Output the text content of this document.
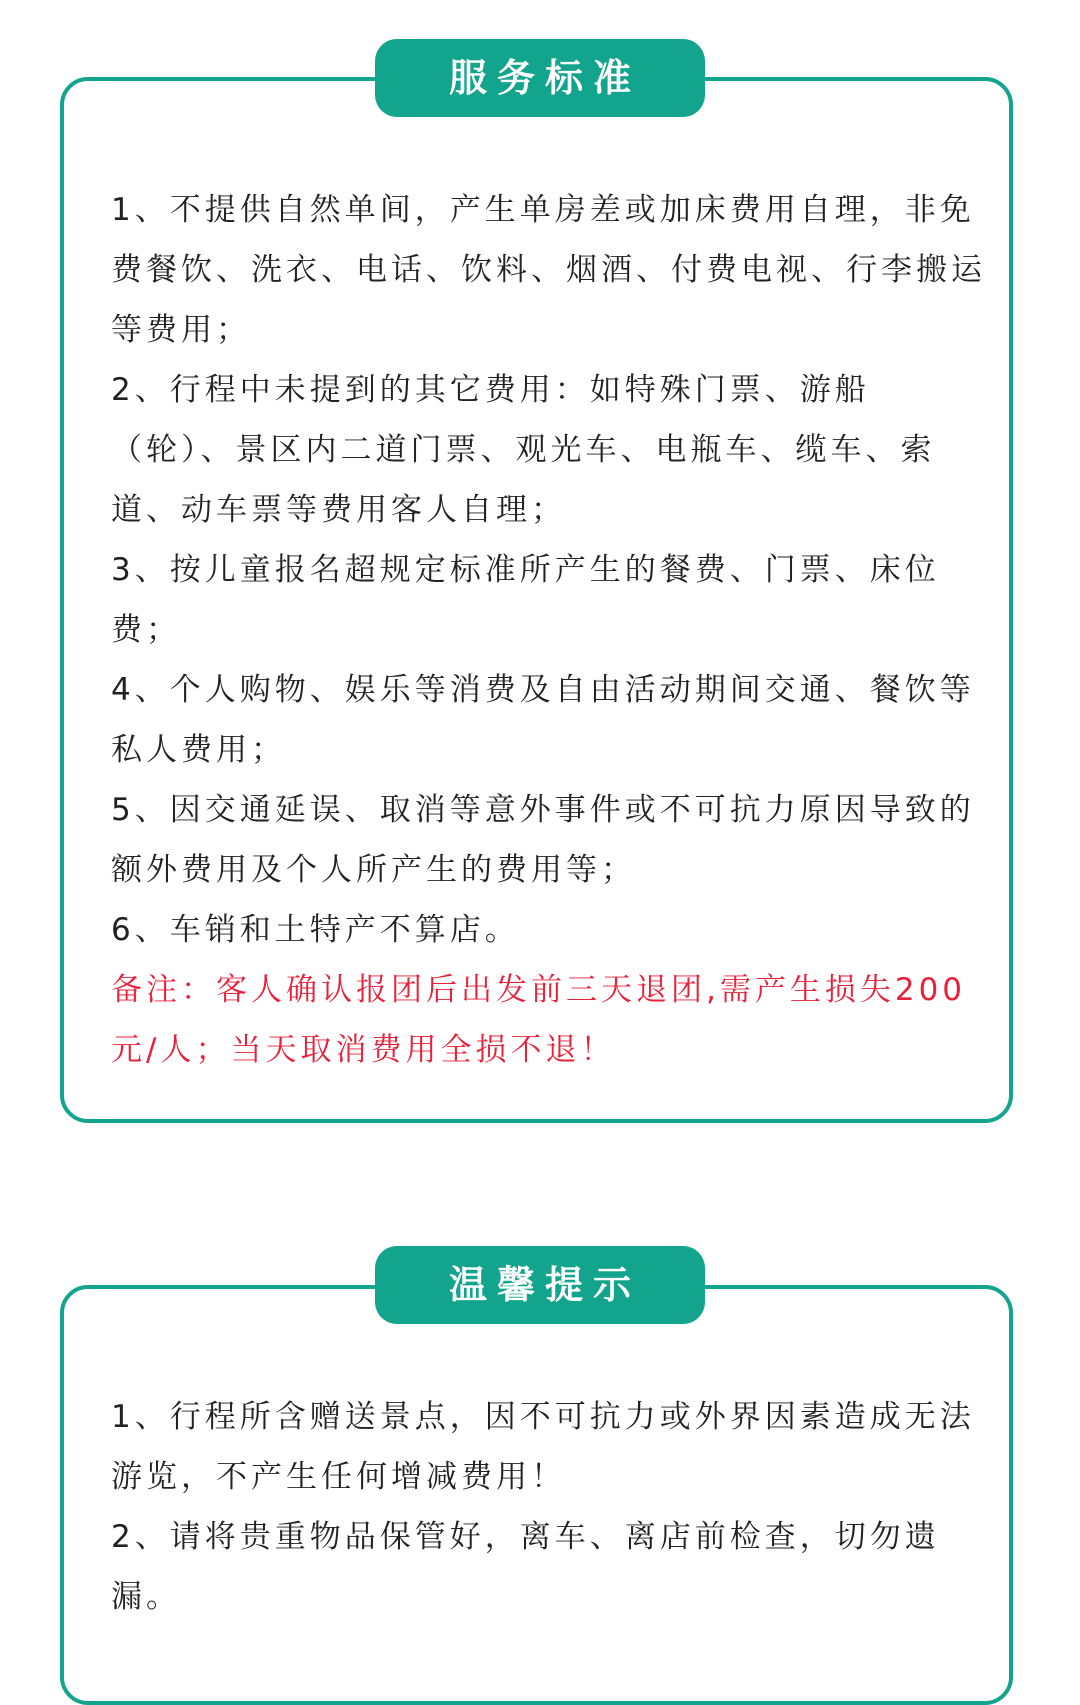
服务标准

1、不提供自然单间，产生单房差或加床费用自理，非免费餐饮、洗衣、电话、饮料、烟酒、付费电视、行李搬运等费用；

2、行程中未提到的其它费用：如特殊门票、游船（轮）、景区内二道门票、观光车、电瓶车、缆车、索道、动车票等费用客人自理；

3、按儿童报名超规定标准所产生的餐费、门票、床位费；

4、个人购物、娱乐等消费及自由活动期间交通、餐饮等私人费用；

5、因交通延误、取消等意外事件或不可抗力原因导致的额外费用及个人所产生的费用等；

6、车销和土特产不算店。

备注：客人确认报团后出发前三天退团,需产生损失200元/人；当天取消费用全损不退！

温馨提示

1、行程所含赠送景点，因不可抗力或外界因素造成无法游览，不产生任何增减费用！

2、请将贵重物品保管好，离车、离店前检查，切勿遗漏。
